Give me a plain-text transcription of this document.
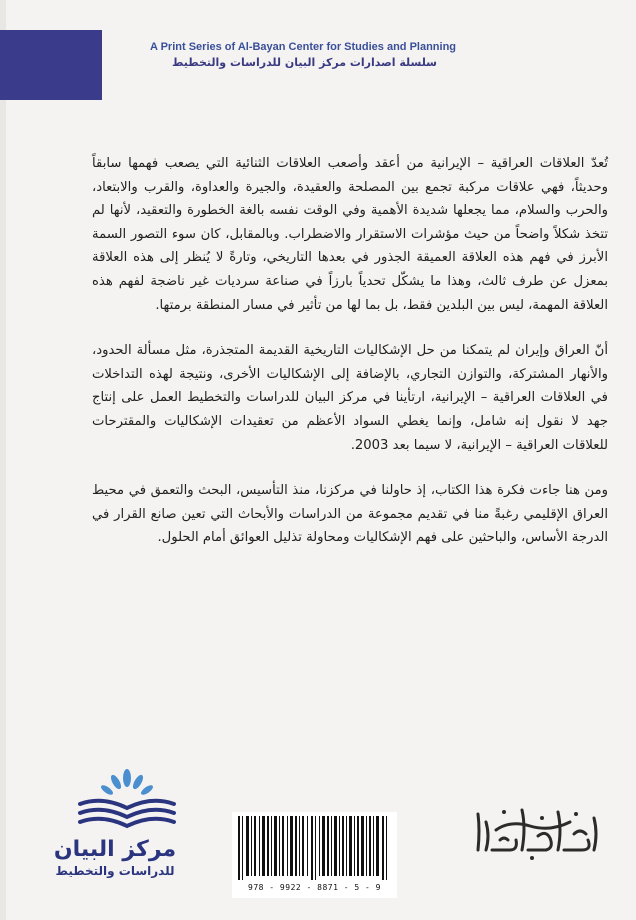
A Print Series of Al-Bayan Center for Studies and Planning
سلسلة اصدارات مركز البيان للدراسات والتخطيط

تُعدّ العلاقات العراقية – الإيرانية من أعقد وأصعب العلاقات الثنائية التي يصعب فهمها سابقاً وحديثاً، فهي علاقات مركبة تجمع بين المصلحة والعقيدة، والجيرة والعداوة، والقرب والابتعاد، والحرب والسلام، مما يجعلها شديدة الأهمية وفي الوقت نفسه بالغة الخطورة والتعقيد، لأنها لم تتخذ شكلاً واضحاً من حيث مؤشرات الاستقرار والاضطراب. وبالمقابل، كان سوء التصور السمة الأبرز في فهم هذه العلاقة العميقة الجذور في بعدها التاريخي، وتارةً لا يُنظر إلى هذه العلاقة بمعزل عن طرف ثالث، وهذا ما يشكّل تحدياً بارزاً في صناعة سرديات غير ناضجة لفهم هذه العلاقة المهمة، ليس بين البلدين فقط، بل بما لها من تأثير في مسار المنطقة برمتها.

أنّ العراق وإيران لم يتمكنا من حل الإشكاليات التاريخية القديمة المتجذرة، مثل مسألة الحدود، والأنهار المشتركة، والتوازن التجاري، بالإضافة إلى الإشكاليات الأخرى، ونتيجة لهذه التداخلات في العلاقات العراقية – الإيرانية، ارتأينا في مركز البيان للدراسات والتخطيط العمل على إنتاج جهد لا نقول إنه شامل، وإنما يغطي السواد الأعظم من تعقيدات الإشكاليات والمقترحات للعلاقات العراقية – الإيرانية، لا سيما بعد 2003.

ومن هنا جاءت فكرة هذا الكتاب، إذ حاولنا في مركزنا، منذ التأسيس، البحث والتعمق في محيط العراق الإقليمي رغبةً منا في تقديم مجموعة من الدراسات والأبحاث التي تعين صانع القرار في الدرجة الأساس، والباحثين على فهم الإشكاليات ومحاولة تذليل العوائق أمام الحلول.

978 - 9922 - 8871 - 5 - 9
مركز البيان
للدراسات والتخطيط
